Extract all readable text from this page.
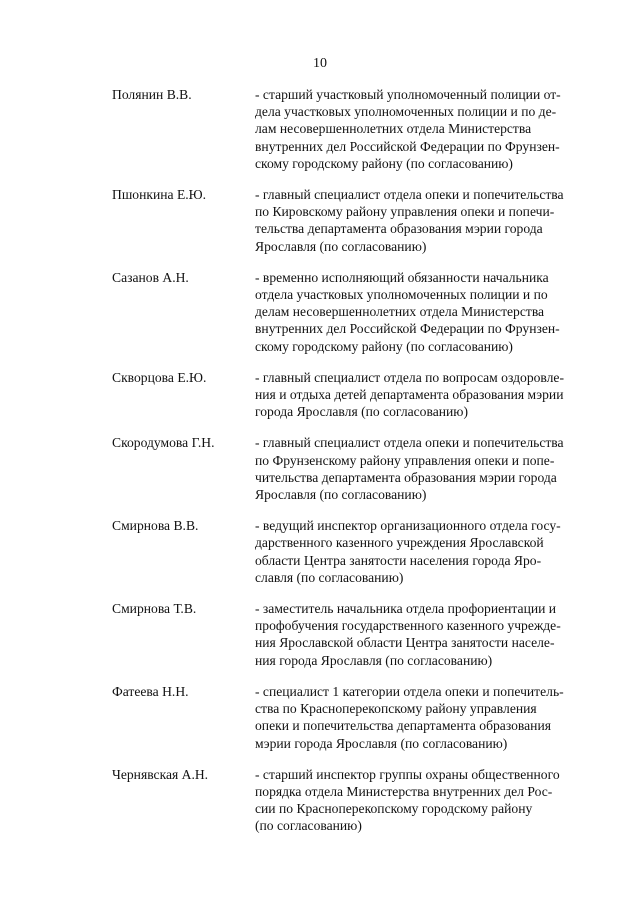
10
Полянин В.В.	- старший участковый уполномоченный полиции от-
дела участковых уполномоченных полиции и по де-
лам несовершеннолетних отдела Министерства
внутренних дел Российской Федерации по Фрунзен-
скому городскому району (по согласованию)
Пшонкина Е.Ю.	- главный специалист отдела опеки и попечительства
по Кировскому району управления опеки и попечи-
тельства департамента образования мэрии города
Ярославля (по согласованию)
Сазанов А.Н.	- временно исполняющий обязанности начальника
отдела участковых уполномоченных полиции и по
делам несовершеннолетних отдела Министерства
внутренних дел Российской Федерации по Фрунзен-
скому городскому району (по согласованию)
Скворцова Е.Ю.	- главный специалист отдела по вопросам оздоровле-
ния и отдыха детей департамента образования мэрии
города Ярославля (по согласованию)
Скородумова Г.Н.	- главный специалист отдела опеки и попечительства
по Фрунзенскому району управления опеки и попе-
чительства департамента образования мэрии города
Ярославля (по согласованию)
Смирнова В.В.	- ведущий инспектор организационного отдела госу-
дарственного казенного учреждения Ярославской
области Центра занятости населения города Яро-
славля (по согласованию)
Смирнова Т.В.	- заместитель начальника отдела профориентации и
профобучения государственного казенного учрежде-
ния Ярославской области Центра занятости населе-
ния города Ярославля (по согласованию)
Фатеева Н.Н.	- специалист 1 категории отдела опеки и попечитель-
ства по Красноперекопскому району управления
опеки и попечительства департамента образования
мэрии города Ярославля (по согласованию)
Чернявская А.Н.	- старший инспектор группы охраны общественного
порядка отдела Министерства внутренних дел Рос-
сии по Красноперекопскому городскому району
(по согласованию)
